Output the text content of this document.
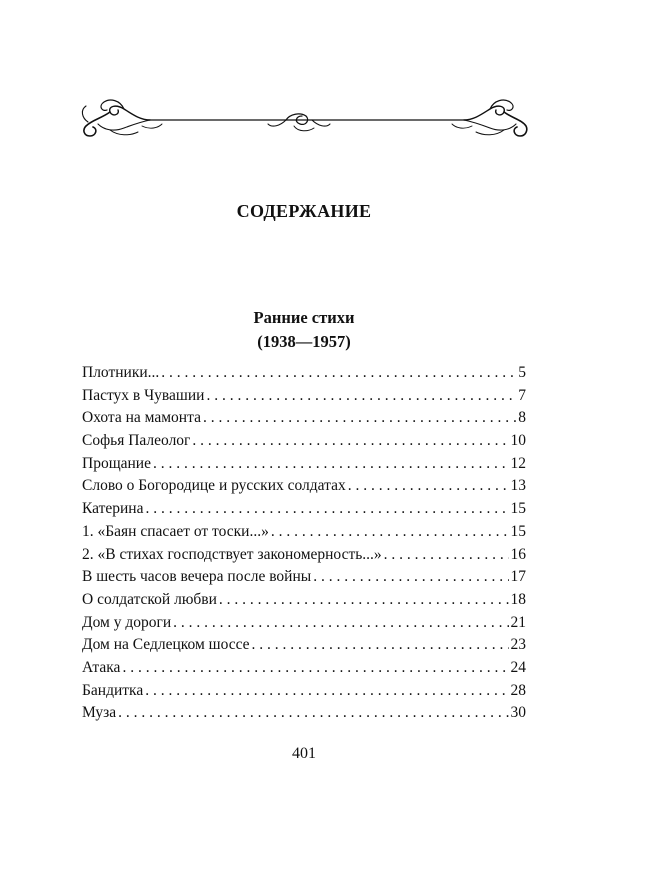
СОДЕРЖАНИЕ
Ранние стихи
(1938—1957)
Плотники... . . .	5
Пастух в Чувашии . . .	7
Охота на мамонта . . .	8
Софья Палеолог . . .	10
Прощание . . .	12
Слово о Богородице и русских солдатах . . .	13
Катерина . . .	15
1. «Баян спасает от тоски...» . . .	15
2. «В стихах господствует закономерность...» . . .	16
В шесть часов вечера после войны . . .	17
О солдатской любви . . .	18
Дом у дороги . . .	21
Дом на Седлецком шоссе . . .	23
Атака . . .	24
Бандитка . . .	28
Муза . . .	30
401
